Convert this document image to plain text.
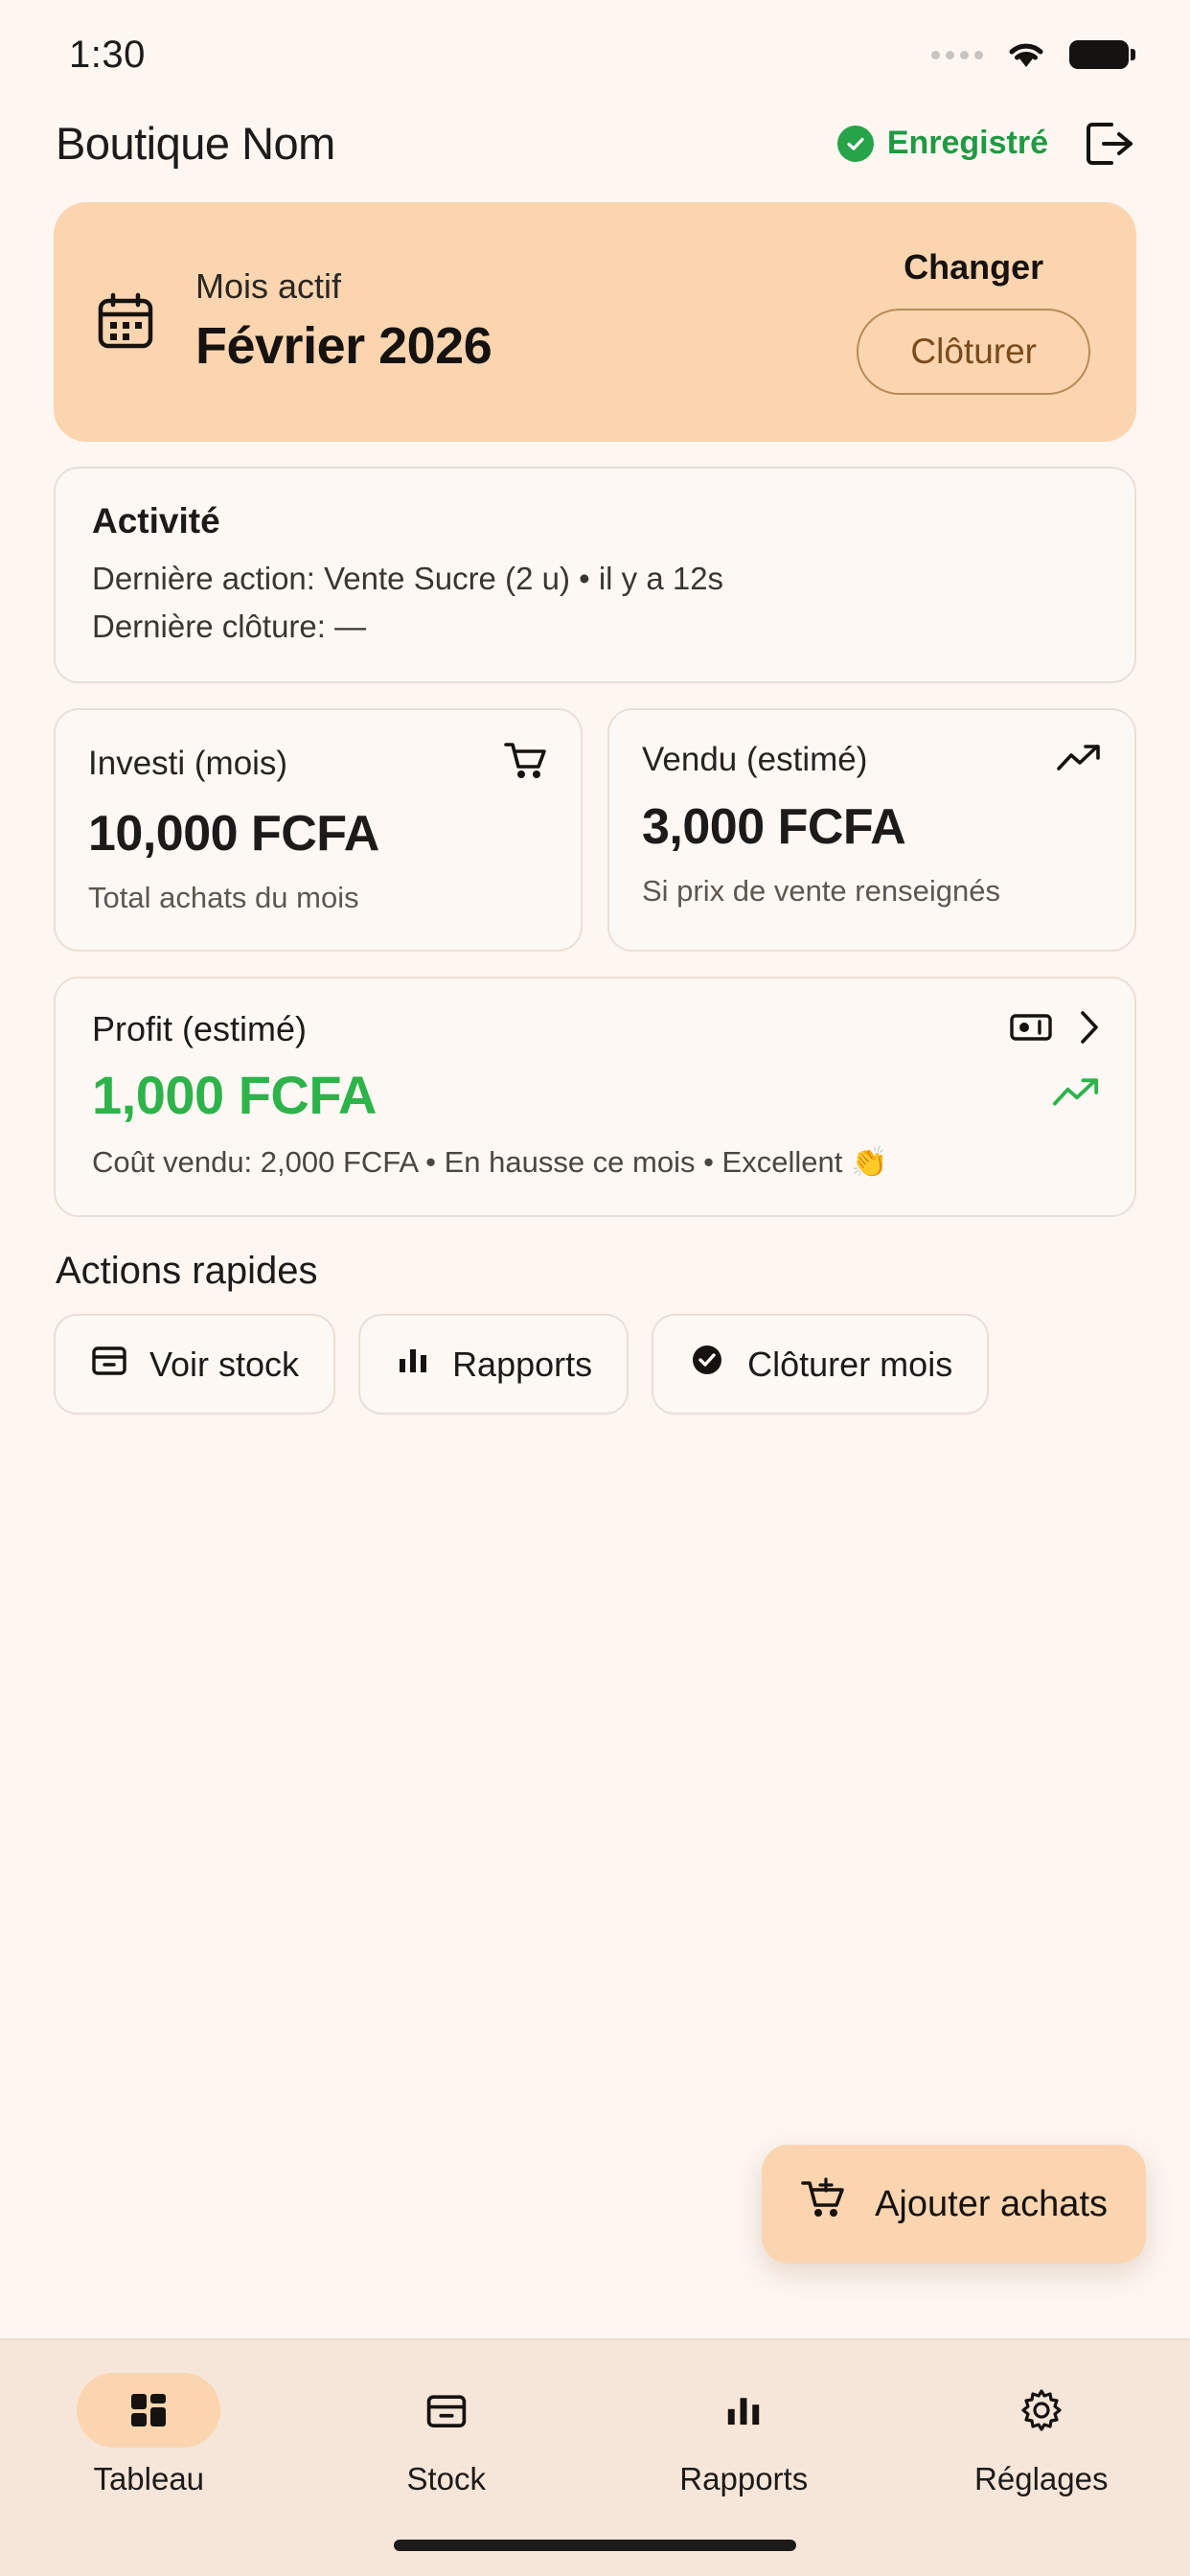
1:30
Boutique Nom	Enregistré
Mois actif
Février 2026
Changer
Clôturer
Activité
Dernière action: Vente Sucre (2 u) • il y a 12s
Dernière clôture: —
Investi (mois)
10,000 FCFA
Total achats du mois
Vendu (estimé)
3,000 FCFA
Si prix de vente renseignés
Profit (estimé)
1,000 FCFA
Coût vendu: 2,000 FCFA • En hausse ce mois • Excellent 👏
Actions rapides
Voir stock	Rapports	Clôturer mois
Ajouter achats
Tableau	Stock	Rapports	Réglages
